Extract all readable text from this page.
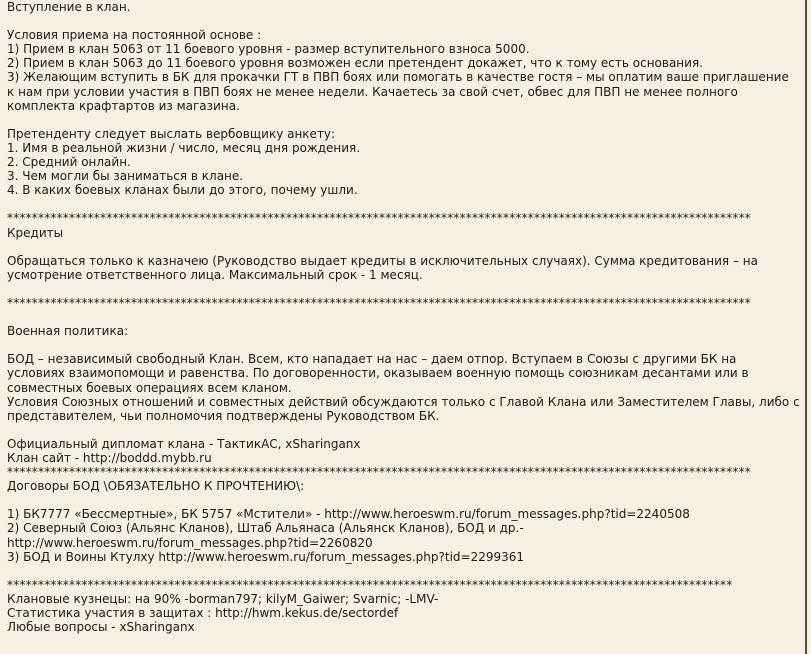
Вступление в клан.
Условия приема на постоянной основе :
1) Прием в клан 5063 от 11 боевого уровня - размер вступительного взноса 5000.
2) Прием в клан 5063 до 11 боевого уровня возможен если претендент докажет, что к тому есть основания.
3) Желающим вступить в БК для прокачки ГТ в ПВП боях или помогать в качестве гостя – мы оплатим ваше приглашение
к нам при условии участия в ПВП боях не менее недели. Качаетесь за свой счет, обвес для ПВП не менее полного
комплекта крафтартов из магазина.
Претенденту следует выслать вербовщику анкету:
1. Имя в реальной жизни / число, месяц дня рождения.
2. Средний онлайн.
3. Чем могли бы заниматься в клане.
4. В каких боевых кланах были до этого, почему ушли.
************************************************************************************************************************
Кредиты
Обращаться только к казначею (Руководство выдает кредиты в исключительных случаях). Сумма кредитования – на
усмотрение ответственного лица. Максимальный срок - 1 месяц.
************************************************************************************************************************
Военная политика:
БОД – независимый свободный Клан. Всем, кто нападает на нас – даем отпор. Вступаем в Союзы с другими БК на
условиях взаимопомощи и равенства. По договоренности, оказываем военную помощь союзникам десантами или в
совместных боевых операциях всем кланом.
Условия Союзных отношений и совместных действий обсуждаются только с Главой Клана или Заместителем Главы, либо с
представителем, чьи полномочия подтверждены Руководством БК.
Официальный дипломат клана - ТактикАС, xSharinganx
Клан сайт - http://boddd.mybb.ru
************************************************************************************************************************
Договоры БОД \ОБЯЗАТЕЛЬНО К ПРОЧТЕНИЮ\:
1) БК7777 «Бессмертные», БК 5757 «Мстители» - http://www.heroeswm.ru/forum_messages.php?tid=2240508
2) Северный Союз (Альянс Кланов), Штаб Альянаса (Альянск Кланов), БОД и др.-
http://www.heroeswm.ru/forum_messages.php?tid=2260820
3) БОД и Воины Ктулху http://www.heroeswm.ru/forum_messages.php?tid=2299361
*********************************************************************************************************************
Клановые кузнецы: на 90% -borman797; kilyM_Gaiwer; Svarnic; -LMV-
Статистика участия в защитах : http://hwm.kekus.de/sectordef
Любые вопросы - xSharinganx
